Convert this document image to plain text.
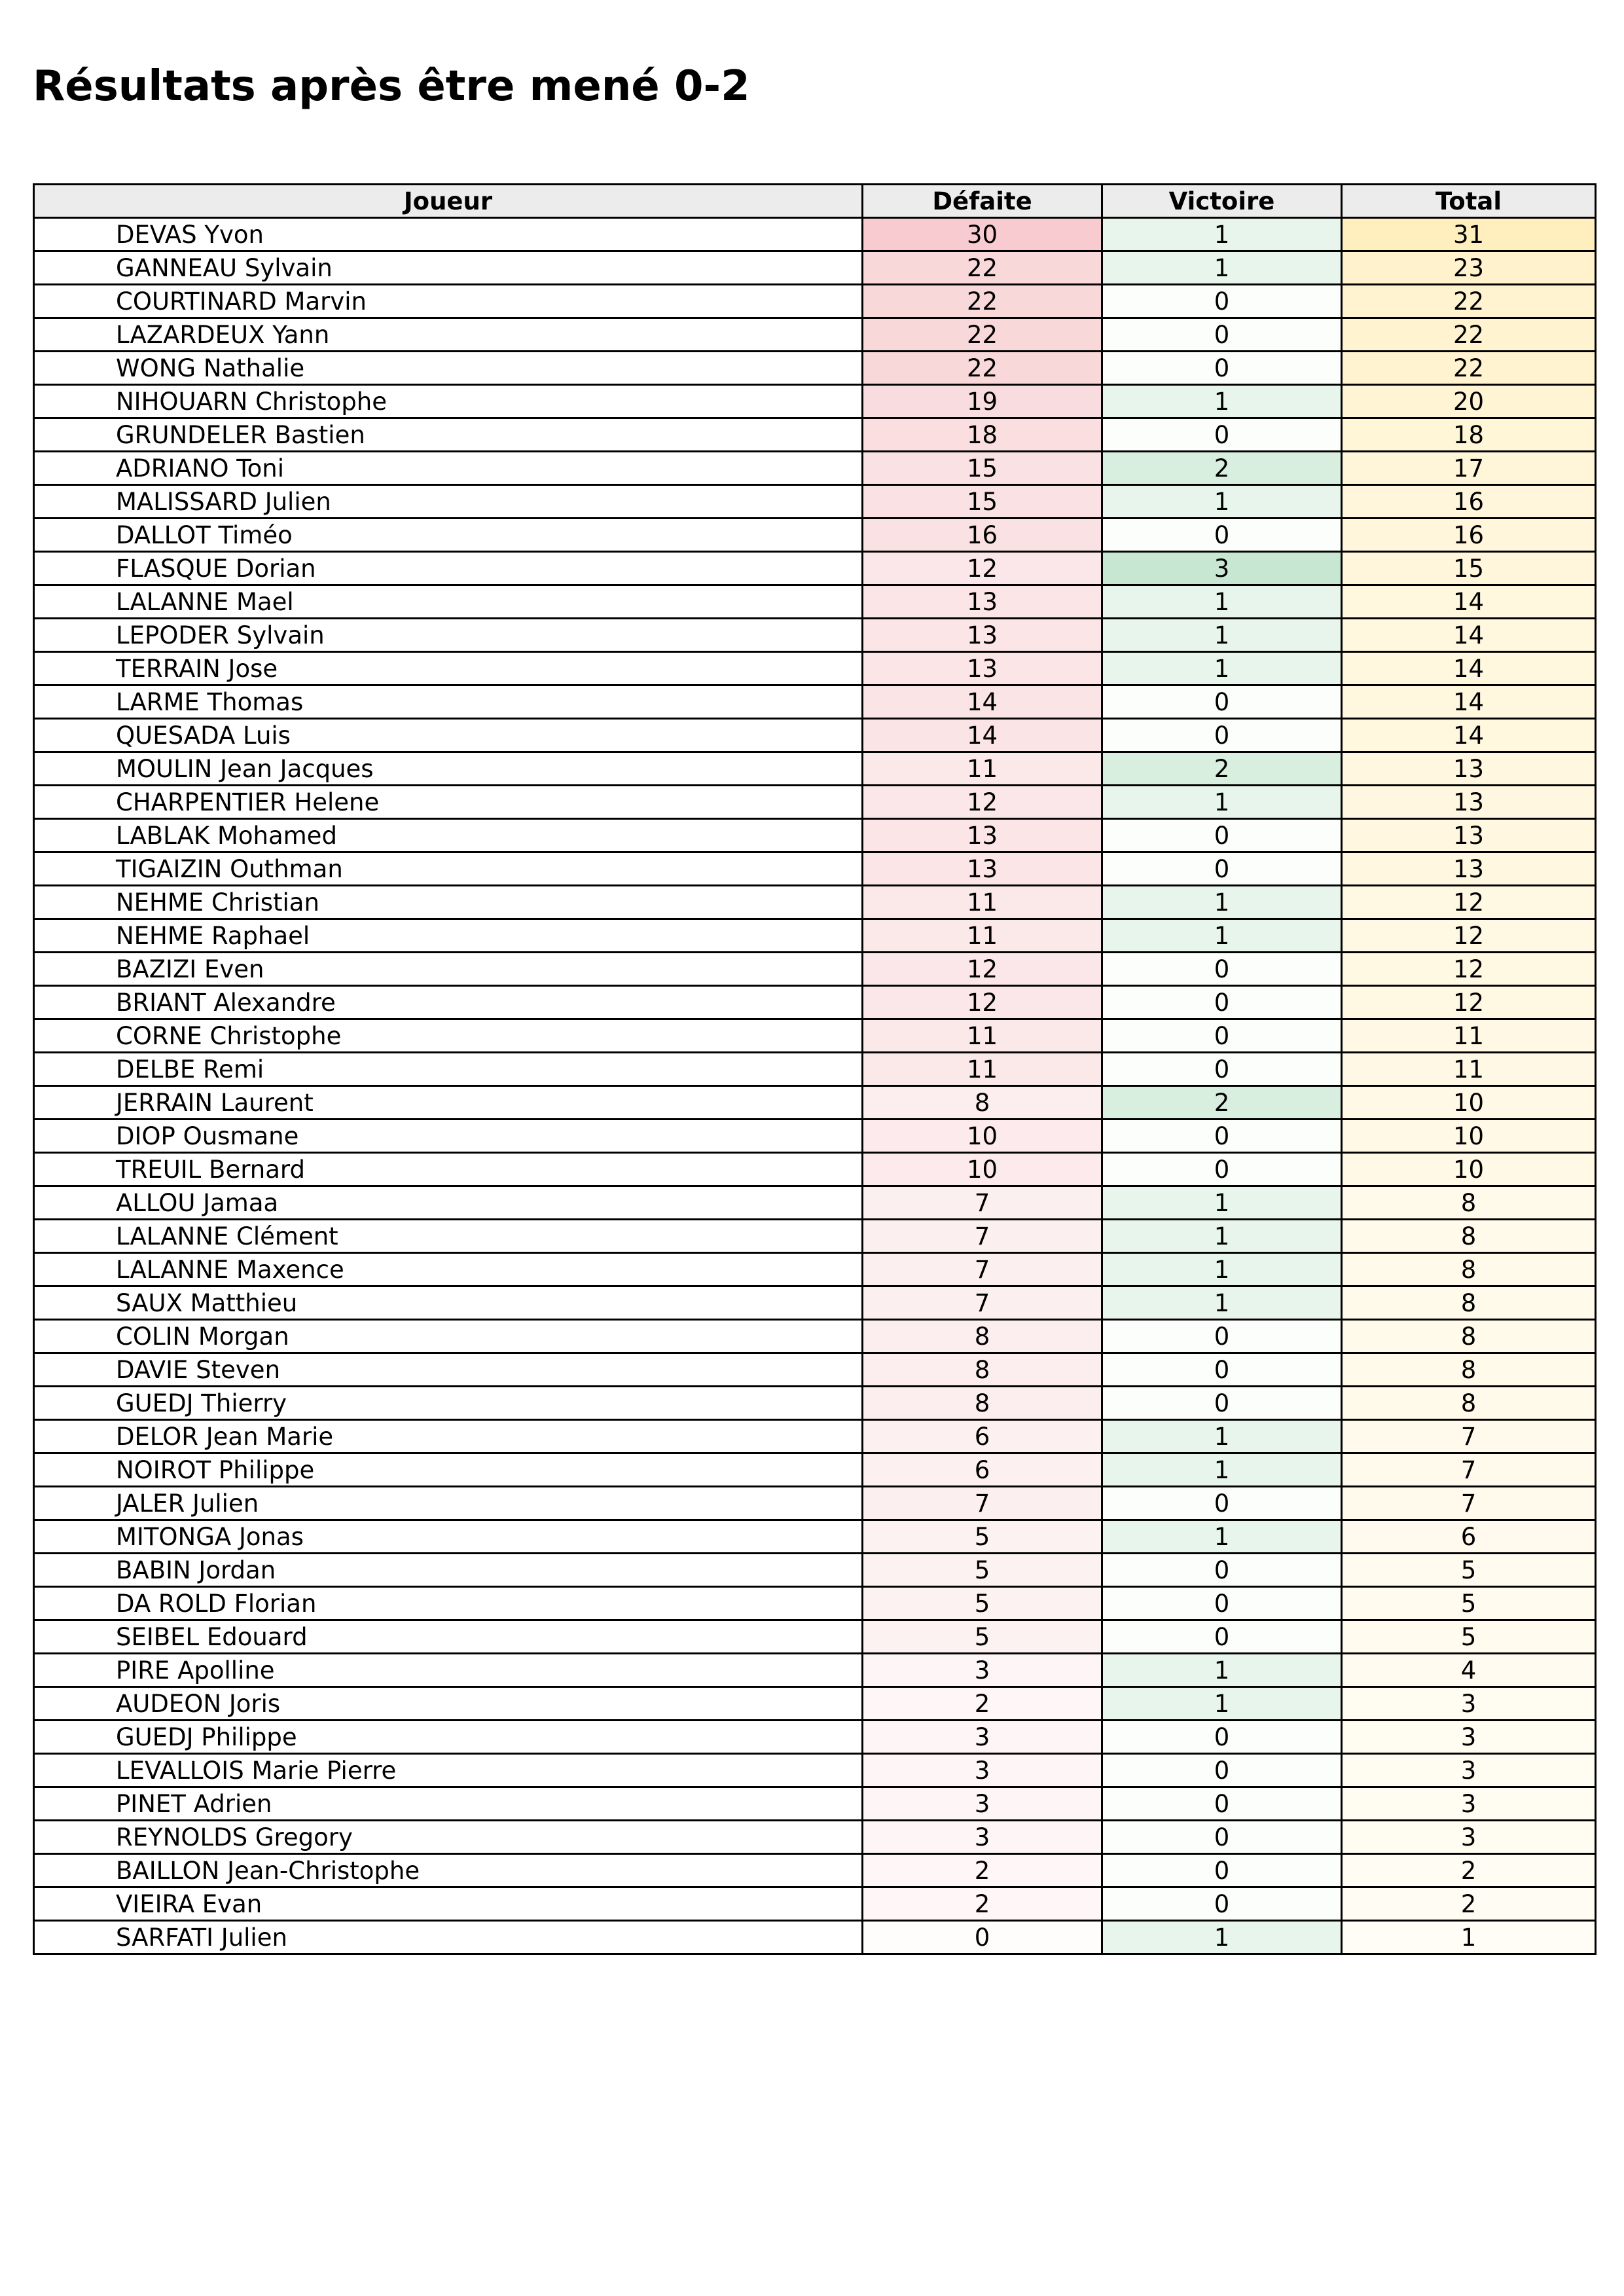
Résultats après être mené 0-2
Joueur	Défaite	Victoire	Total
DEVAS Yvon	30	1	31
GANNEAU Sylvain	22	1	23
COURTINARD Marvin	22	0	22
LAZARDEUX Yann	22	0	22
WONG Nathalie	22	0	22
NIHOUARN Christophe	19	1	20
GRUNDELER Bastien	18	0	18
ADRIANO Toni	15	2	17
MALISSARD Julien	15	1	16
DALLOT Timéo	16	0	16
FLASQUE Dorian	12	3	15
LALANNE Mael	13	1	14
LEPODER Sylvain	13	1	14
TERRAIN Jose	13	1	14
LARME Thomas	14	0	14
QUESADA Luis	14	0	14
MOULIN Jean Jacques	11	2	13
CHARPENTIER Helene	12	1	13
LABLAK Mohamed	13	0	13
TIGAIZIN Outhman	13	0	13
NEHME Christian	11	1	12
NEHME Raphael	11	1	12
BAZIZI Even	12	0	12
BRIANT Alexandre	12	0	12
CORNE Christophe	11	0	11
DELBE Remi	11	0	11
JERRAIN Laurent	8	2	10
DIOP Ousmane	10	0	10
TREUIL Bernard	10	0	10
ALLOU Jamaa	7	1	8
LALANNE Clément	7	1	8
LALANNE Maxence	7	1	8
SAUX Matthieu	7	1	8
COLIN Morgan	8	0	8
DAVIE Steven	8	0	8
GUEDJ Thierry	8	0	8
DELOR Jean Marie	6	1	7
NOIROT Philippe	6	1	7
JALER Julien	7	0	7
MITONGA Jonas	5	1	6
BABIN Jordan	5	0	5
DA ROLD Florian	5	0	5
SEIBEL Edouard	5	0	5
PIRE Apolline	3	1	4
AUDEON Joris	2	1	3
GUEDJ Philippe	3	0	3
LEVALLOIS Marie Pierre	3	0	3
PINET Adrien	3	0	3
REYNOLDS Gregory	3	0	3
BAILLON Jean-Christophe	2	0	2
VIEIRA Evan	2	0	2
SARFATI Julien	0	1	1
